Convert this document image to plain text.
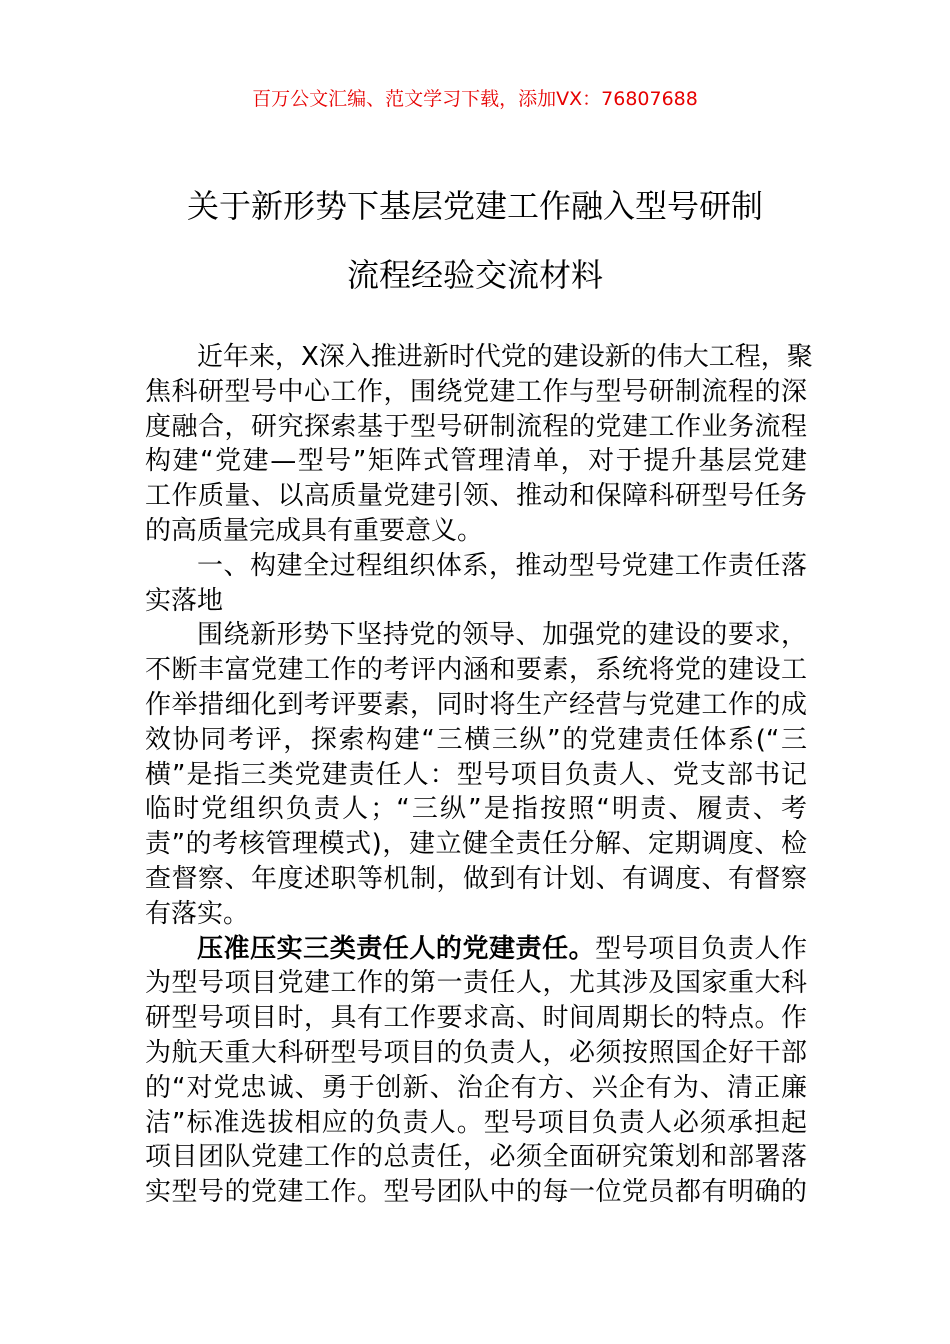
百万公文汇编、范文学习下载，添加VX：76807688
关于新形势下基层党建工作融入型号研制
流程经验交流材料
近年来，X深入推进新时代党的建设新的伟大工程，聚
焦科研型号中心工作，围绕党建工作与型号研制流程的深
度融合，研究探索基于型号研制流程的党建工作业务流程
构建“党建—型号”矩阵式管理清单，对于提升基层党建
工作质量、以高质量党建引领、推动和保障科研型号任务
的高质量完成具有重要意义。
一、构建全过程组织体系，推动型号党建工作责任落
实落地
围绕新形势下坚持党的领导、加强党的建设的要求，
不断丰富党建工作的考评内涵和要素，系统将党的建设工
作举措细化到考评要素，同时将生产经营与党建工作的成
效协同考评，探索构建“三横三纵”的党建责任体系(“三
横”是指三类党建责任人：型号项目负责人、党支部书记
临时党组织负责人；“三纵”是指按照“明责、履责、考
责”的考核管理模式)，建立健全责任分解、定期调度、检
查督察、年度述职等机制，做到有计划、有调度、有督察
有落实。
压准压实三类责任人的党建责任。型号项目负责人作
为型号项目党建工作的第一责任人，尤其涉及国家重大科
研型号项目时，具有工作要求高、时间周期长的特点。作
为航天重大科研型号项目的负责人，必须按照国企好干部
的“对党忠诚、勇于创新、治企有方、兴企有为、清正廉
洁”标准选拔相应的负责人。型号项目负责人必须承担起
项目团队党建工作的总责任，必须全面研究策划和部署落
实型号的党建工作。型号团队中的每一位党员都有明确的
